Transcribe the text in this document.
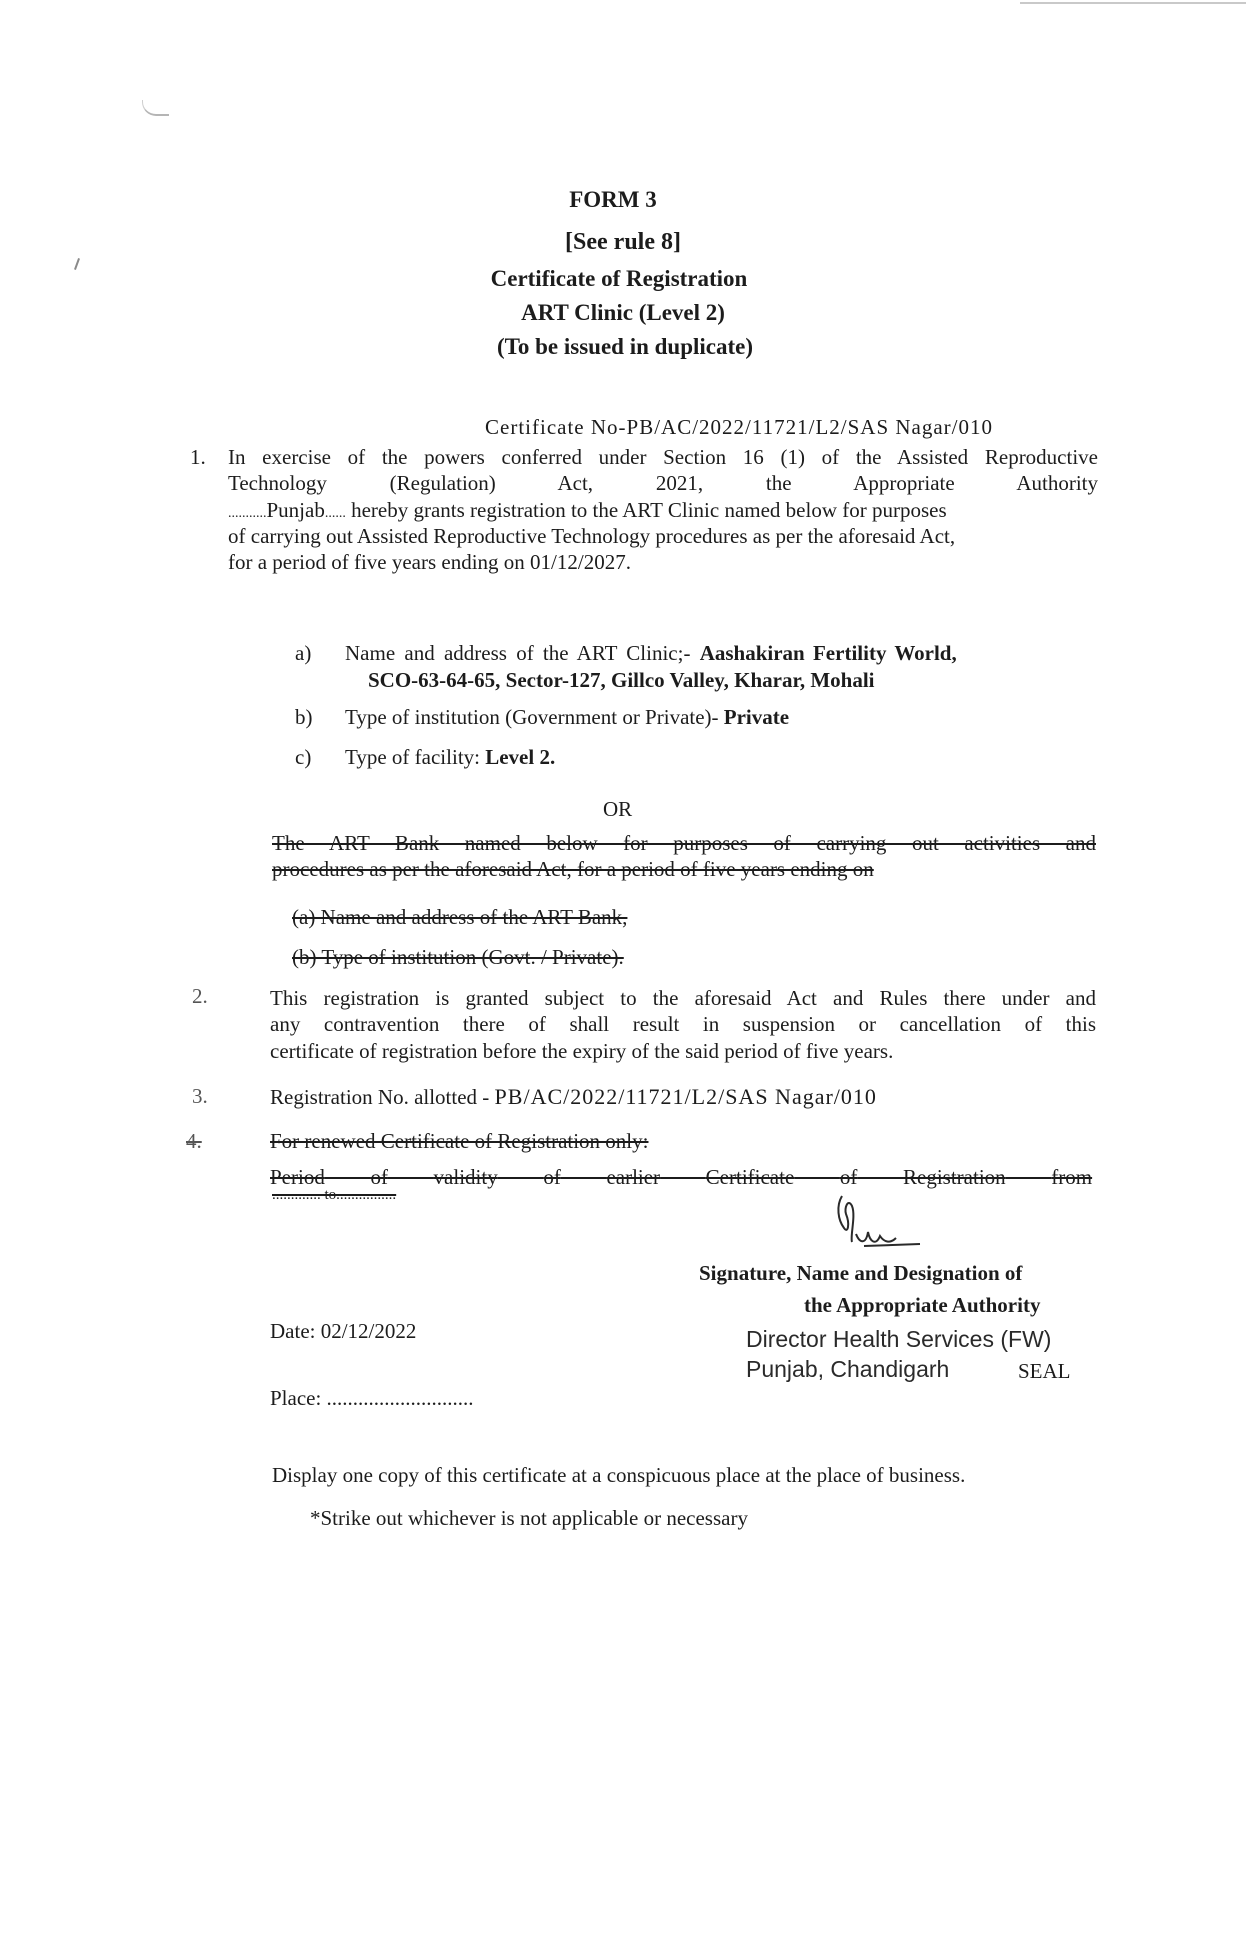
FORM 3
[See rule 8]
Certificate of Registration
ART Clinic (Level 2)
(To be issued in duplicate)
Certificate No-PB/AC/2022/11721/L2/SAS Nagar/010
1. In exercise of the powers conferred under Section 16 (1) of the Assisted Reproductive
Technology	(Regulation)	Act,	2021,	the	Appropriate	Authority
...........Punjab...... hereby grants registration to the ART Clinic named below for purposes
of carrying out Assisted Reproductive Technology procedures as per the aforesaid Act,
for a period of five years ending on 01/12/2027.
a)	Name and address of the ART Clinic;- Aashakiran Fertility World,
SCO-63-64-65, Sector-127, Gillco Valley, Kharar, Mohali
b)	Type of institution (Government or Private)- Private
c)	Type of facility: Level 2.
OR
The ART Bank named below for purposes of carrying out activities and
procedures as per the aforesaid Act, for a period of five years ending on
(a) Name and address of the ART Bank,
(b) Type of institution (Govt. / Private).
2.	This registration is granted subject to the aforesaid Act and Rules there under and
any contravention there of shall result in suspension or cancellation of this
certificate of registration before the expiry of the said period of five years.
3.	Registration No. allotted - PB/AC/2022/11721/L2/SAS Nagar/010
4.	For renewed Certificate of Registration only:
Period of validity of earlier Certificate of Registration from
............. to................
Signature, Name and Designation of
the Appropriate Authority
Director Health Services (FW)
Punjab, Chandigarh	SEAL
Date: 02/12/2022
Place: ............................
Display one copy of this certificate at a conspicuous place at the place of business.
*Strike out whichever is not applicable or necessary
